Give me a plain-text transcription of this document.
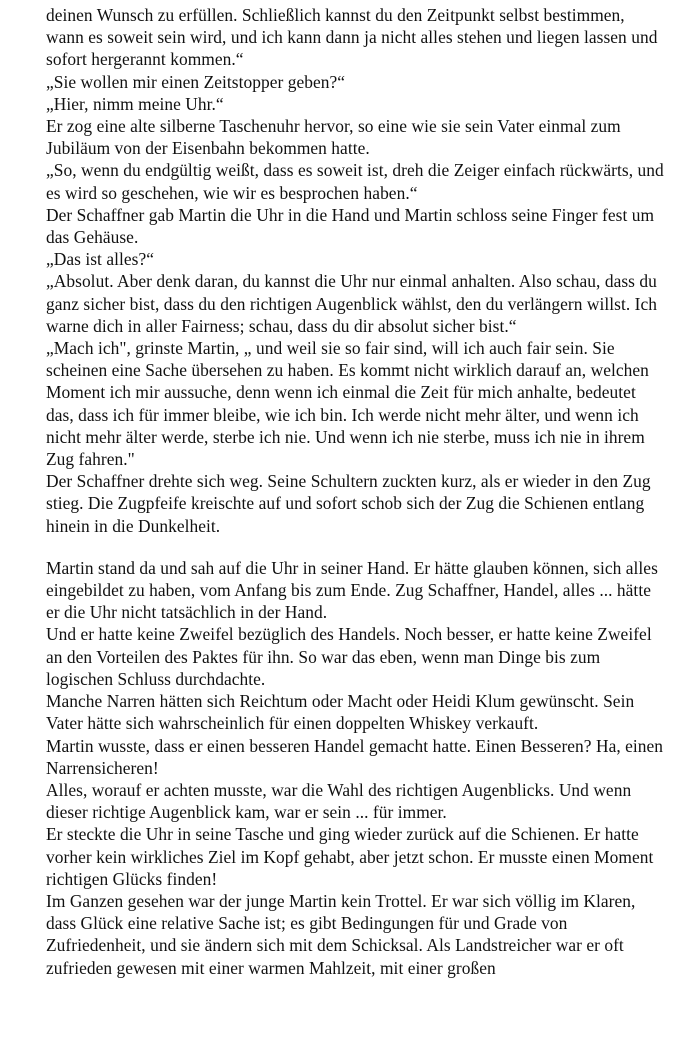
deinen Wunsch zu erfüllen. Schließlich kannst du den Zeitpunkt selbst bestimmen, wann es soweit sein wird, und ich kann dann ja nicht alles stehen und liegen lassen und sofort hergerannt kommen.“

„Sie wollen mir einen Zeitstopper geben?“

„Hier, nimm meine Uhr.“

Er zog eine alte silberne Taschenuhr hervor, so eine wie sie sein Vater einmal zum Jubiläum von der Eisenbahn bekommen hatte.

„So, wenn du endgültig weißt, dass es soweit ist, dreh die Zeiger einfach rückwärts, und es wird so geschehen, wie wir es besprochen haben.“

Der Schaffner gab Martin die Uhr in die Hand und Martin schloss seine Finger fest um das Gehäuse.

„Das ist alles?“

„Absolut. Aber denk daran, du kannst die Uhr nur einmal anhalten. Also schau, dass du ganz sicher bist, dass du den richtigen Augenblick wählst, den du verlängern willst. Ich warne dich in aller Fairness; schau, dass du dir absolut sicher bist.“

„Mach ich", grinste Martin, „ und weil sie so fair sind, will ich auch fair sein. Sie scheinen eine Sache übersehen zu haben. Es kommt nicht wirklich darauf an, welchen Moment ich mir aussuche, denn wenn ich einmal die Zeit für mich anhalte, bedeutet das, dass ich für immer bleibe, wie ich bin. Ich werde nicht mehr älter, und wenn ich nicht mehr älter werde, sterbe ich nie. Und wenn ich nie sterbe, muss ich nie in ihrem Zug fahren."

Der Schaffner drehte sich weg. Seine Schultern zuckten kurz, als er wieder in den Zug stieg. Die Zugpfeife kreischte auf und sofort schob sich der Zug die Schienen entlang hinein in die Dunkelheit.

Martin stand da und sah auf die Uhr in seiner Hand. Er hätte glauben können, sich alles eingebildet zu haben, vom Anfang bis zum Ende. Zug Schaffner, Handel, alles ... hätte er die Uhr nicht tatsächlich in der Hand.

Und er hatte keine Zweifel bezüglich des Handels. Noch besser, er hatte keine Zweifel an den Vorteilen des Paktes für ihn. So war das eben, wenn man Dinge bis zum logischen Schluss durchdachte.

Manche Narren hätten sich Reichtum oder Macht oder Heidi Klum gewünscht. Sein Vater hätte sich wahrscheinlich für einen doppelten Whiskey verkauft.

Martin wusste, dass er einen besseren Handel gemacht hatte. Einen Besseren? Ha, einen Narrensicheren!

Alles, worauf er achten musste, war die Wahl des richtigen Augenblicks. Und wenn dieser richtige Augenblick kam, war er sein ... für immer.

Er steckte die Uhr in seine Tasche und ging wieder zurück auf die Schienen. Er hatte vorher kein wirkliches Ziel im Kopf gehabt, aber jetzt schon. Er musste einen Moment richtigen Glücks finden!

Im Ganzen gesehen war der junge Martin kein Trottel. Er war sich völlig im Klaren, dass Glück eine relative Sache ist; es gibt Bedingungen für und Grade von Zufriedenheit, und sie ändern sich mit dem Schicksal. Als Landstreicher war er oft zufrieden gewesen mit einer warmen Mahlzeit, mit einer großen
